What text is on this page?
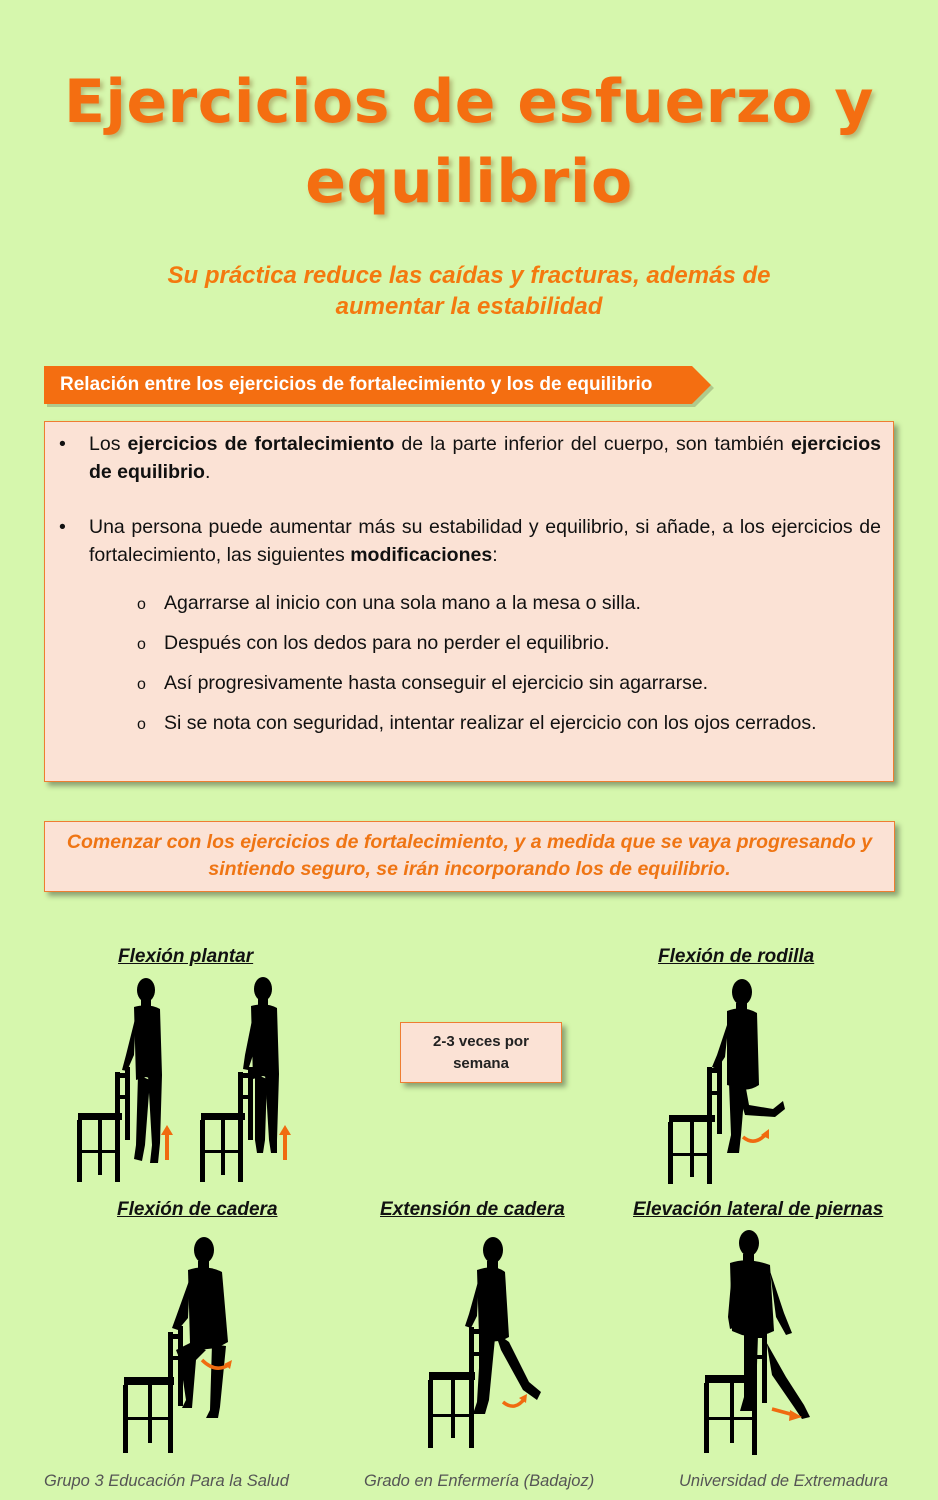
Ejercicios de esfuerzo y
equilibrio
Su práctica reduce las caídas y fracturas, además de
aumentar la estabilidad
Relación entre los ejercicios de fortalecimiento y los de equilibrio
• Los ejercicios de fortalecimiento de la parte inferior del cuerpo, son también ejercicios de equilibrio.
• Una persona puede aumentar más su estabilidad y equilibrio, si añade, a los ejercicios de fortalecimiento, las siguientes modificaciones:
o Agarrarse al inicio con una sola mano a la mesa o silla.
o Después con los dedos para no perder el equilibrio.
o Así progresivamente hasta conseguir el ejercicio sin agarrarse.
o Si se nota con seguridad, intentar realizar el ejercicio con los ojos cerrados.
Comenzar con los ejercicios de fortalecimiento, y a medida que se vaya progresando y
sintiendo seguro, se irán incorporando los de equilibrio.
Flexión plantar	Flexión de rodilla
Flexión de cadera	Extensión de cadera	Elevación lateral de piernas
2-3 veces por
semana
Grupo 3 Educación Para la Salud	Grado en Enfermería (Badajoz)	Universidad de Extremadura
